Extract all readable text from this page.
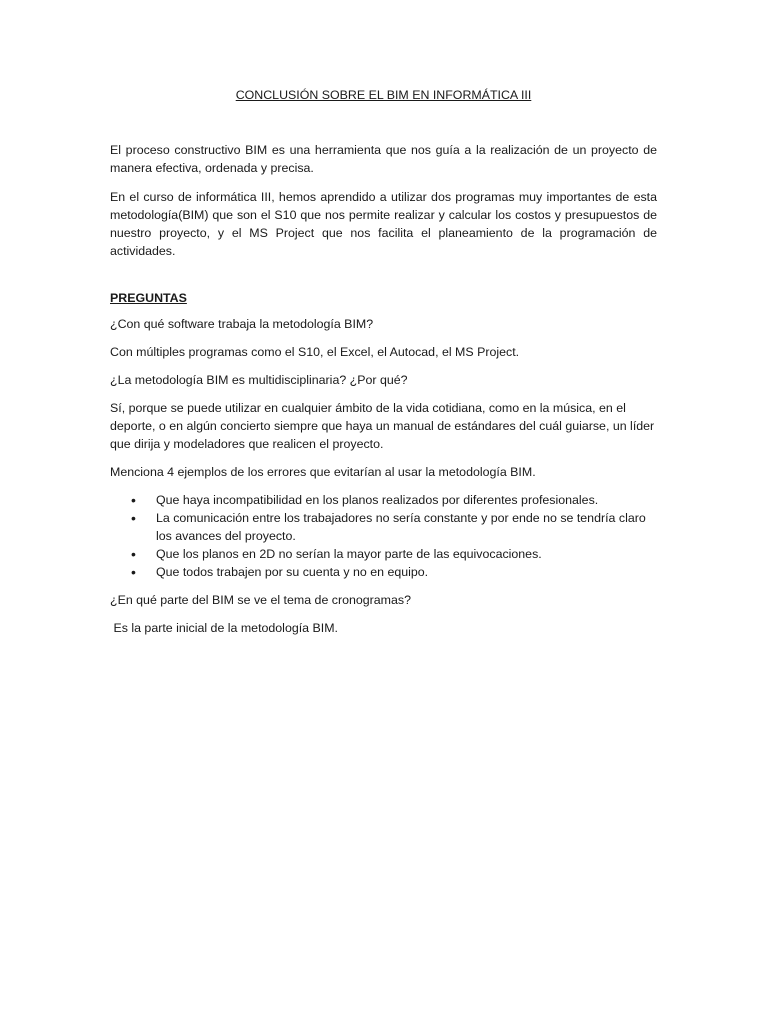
CONCLUSIÓN SOBRE EL BIM EN INFORMÁTICA III

El proceso constructivo BIM es una herramienta que nos guía a la realización de un proyecto de manera efectiva, ordenada y precisa.

En el curso de informática III, hemos aprendido a utilizar dos programas muy importantes de esta metodología(BIM) que son el S10 que nos permite realizar y calcular los costos y presupuestos de nuestro proyecto, y el MS Project que nos facilita el planeamiento de la programación de actividades.

PREGUNTAS

¿Con qué software trabaja la metodología BIM?

Con múltiples programas como el S10, el Excel, el Autocad, el MS Project.

¿La metodología BIM es multidisciplinaria? ¿Por qué?

Sí, porque se puede utilizar en cualquier ámbito de la vida cotidiana, como en la música, en el deporte, o en algún concierto siempre que haya un manual de estándares del cuál guiarse, un líder que dirija y modeladores que realicen el proyecto.

Menciona 4 ejemplos de los errores que evitarían al usar la metodología BIM.

• Que haya incompatibilidad en los planos realizados por diferentes profesionales.
• La comunicación entre los trabajadores no sería constante y por ende no se tendría claro los avances del proyecto.
• Que los planos en 2D no serían la mayor parte de las equivocaciones.
• Que todos trabajen por su cuenta y no en equipo.

¿En qué parte del BIM se ve el tema de cronogramas?

Es la parte inicial de la metodología BIM.
